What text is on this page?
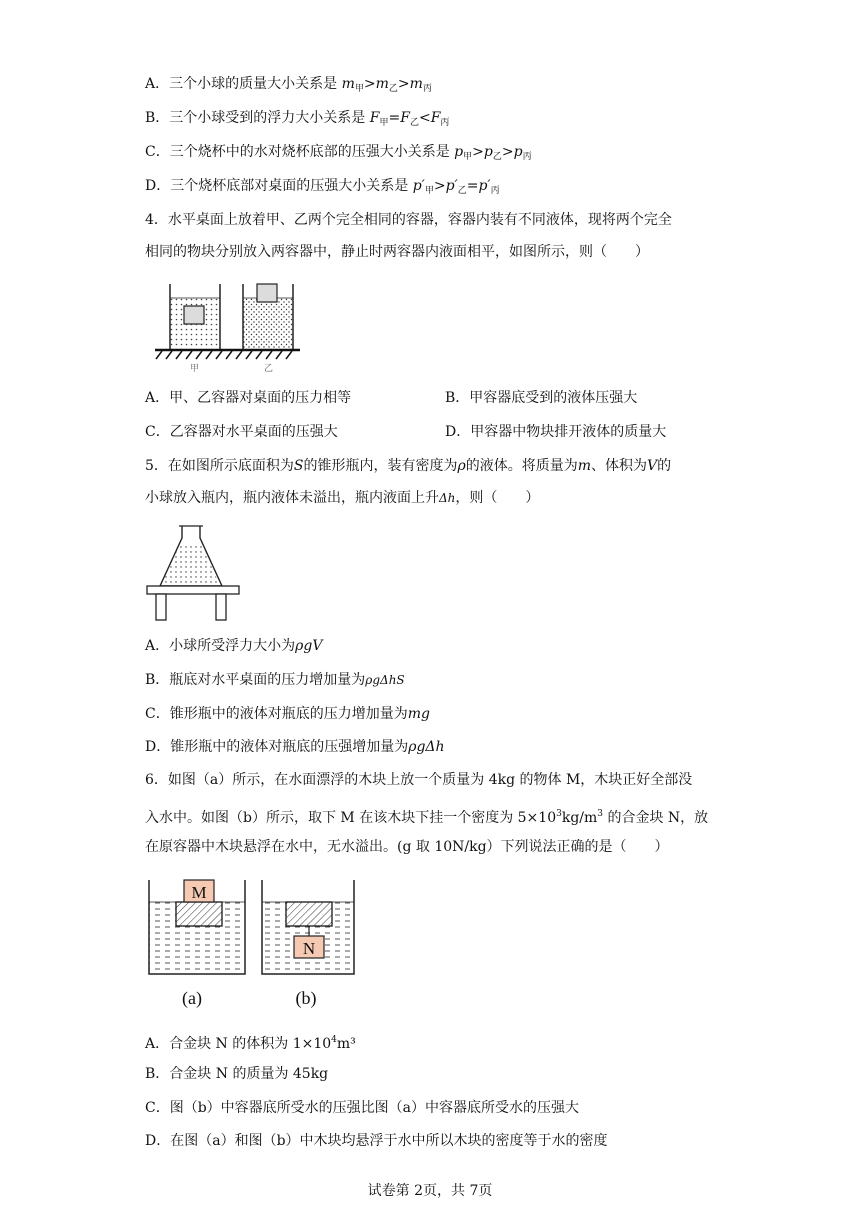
A．三个小球的质量大小关系是 $m_甲>m_乙>m_丙$
B．三个小球受到的浮力大小关系是 $F_甲=F_乙<F_丙$
C．三个烧杯中的水对烧杯底部的压强大小关系是 $p_甲>p_乙>p_丙$
D．三个烧杯底部对桌面的压强大小关系是 $p'_甲>p'_乙=p'_丙$
4．水平桌面上放着甲、乙两个完全相同的容器，容器内装有不同液体，现将两个完全
相同的物块分别放入两容器中，静止时两容器内液面相平，如图所示，则（　　）
甲	乙
A．甲、乙容器对桌面的压力相等	B．甲容器底受到的液体压强大
C．乙容器对水平桌面的压强大	D．甲容器中物块排开液体的质量大
5．在如图所示底面积为S的锥形瓶内，装有密度为ρ的液体。将质量为m、体积为V的
小球放入瓶内，瓶内液体未溢出，瓶内液面上升Δh，则（　　）
A．小球所受浮力大小为ρgV
B．瓶底对水平桌面的压力增加量为ρgΔhS
C．锥形瓶中的液体对瓶底的压力增加量为mg
D．锥形瓶中的液体对瓶底的压强增加量为ρgΔh
6．如图（a）所示，在水面漂浮的木块上放一个质量为 4kg 的物体 M，木块正好全部没
入水中。如图（b）所示，取下 M 在该木块下挂一个密度为 $5\times 10^3kg/m^3$ 的合金块 N，放
在原容器中木块悬浮在水中，无水溢出。(g 取 10N/kg）下列说法正确的是（　　）
M
N
(a)	(b)
A．合金块 N 的体积为 $1\times 10^4m^3$
B．合金块 N 的质量为 45kg
C．图（b）中容器底所受水的压强比图（a）中容器底所受水的压强大
D．在图（a）和图（b）中木块均悬浮于水中所以木块的密度等于水的密度
试卷第 2页，共 7页
